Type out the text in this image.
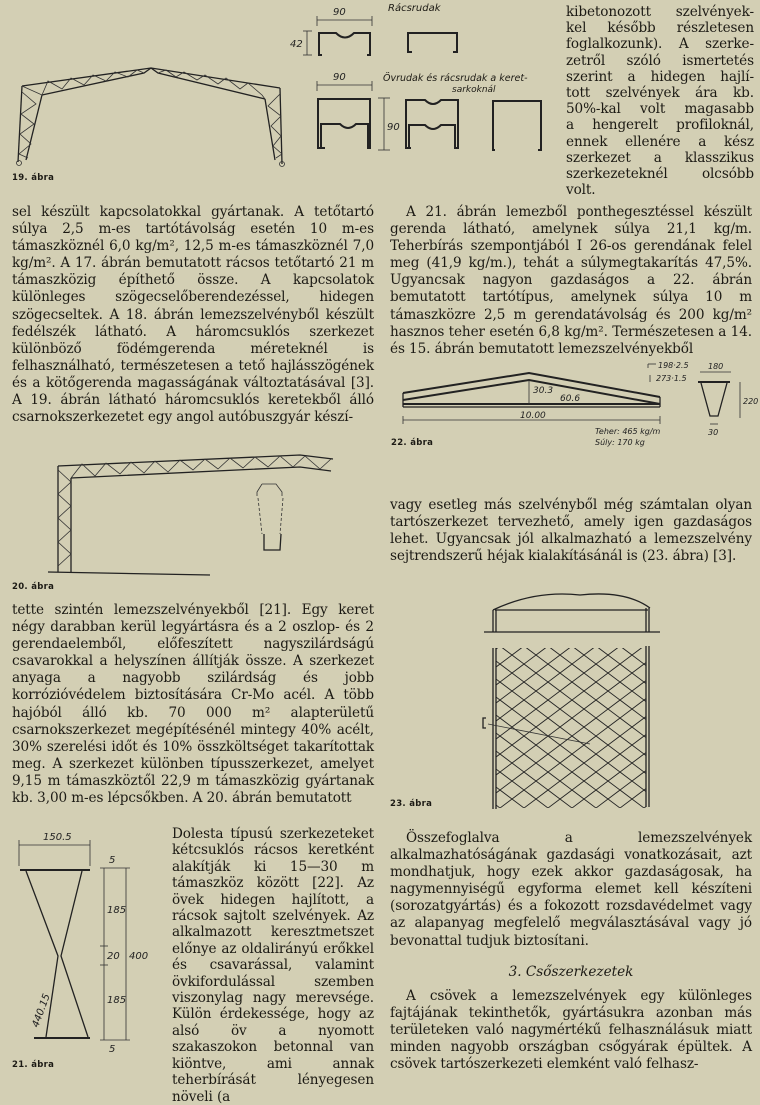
19. ábra
90
42
90
90
Rácsrudak
Övrudak és rácsrudak a keret-
sarkoknál

kibetonozott szelvények-

kel később részletesen

foglalkozunk). A szerke-

zetről szóló ismertetés

szerint a hidegen hajlí-

tott szelvények ára kb.

50%-kal volt magasabb

a hengerelt profiloknál,

ennek ellenére a kész

szerkezet a klasszikus

szerkezeteknél olcsóbb

volt.

sel készült kapcsolatokkal gyártanak. A tetőtartó súlya 2,5 m-es tartótávolság esetén 10 m-es támaszköznél 6,0 kg/m², 12,5 m-es támaszköznél 7,0 kg/m². A 17. ábrán bemutatott rácsos tetőtartó 21 m támaszközig építhető össze. A kapcsolatok különleges szögecselőberendezéssel, hidegen szögecseltek. A 18. ábrán lemezszelvényből készült fedélszék látható. A háromcsuklós szerkezet különböző födémgerenda méreteknél is felhasználható, természetesen a tető hajlásszögének és a kötőgerenda magasságának változtatásával [3]. A 19. ábrán látható háromcsuklós keretekből álló csarnokszerkezetet egy angol autóbuszgyár készí-
A 21. ábrán lemezből ponthegesztéssel készült gerenda látható, amelynek súlya 21,1 kg/m. Teherbírás szempontjából I 26-os gerendának felel meg (41,9 kg/m.), tehát a súlymegtakarítás 47,5%. Ugyancsak nagyon gazdaságos a 22. ábrán bemutatott tartótípus, amelynek súlya 10 m támaszközre 2,5 m gerendatávolság és 200 kg/m² hasznos teher esetén 6,8 kg/m². Természetesen a 14. és 15. ábrán bemutatott lemezszelvényekből
30.3
60.6
10.00
198·2.5
273·1.5
Teher: 465 kg/m
Súly: 170 kg
180
220
30
22. ábra
vagy esetleg más szelvényből még számtalan olyan tartószerkezet tervezhető, amely igen gazdaságos lehet. Ugyancsak jól alkalmazható a lemezszelvény sejtrendszerű héjak kialakításánál is (23. ábra) [3].
20. ábra
tette szintén lemezszelvényekből [21]. Egy keret négy darabban kerül legyártásra és a 2 oszlop- és 2 gerendaelemből, előfeszített nagyszilárdságú csavarokkal a helyszínen állítják össze. A szerkezet anyaga a nagyobb szilárdság és jobb korrózióvédelem biztosítására Cr-Mo acél. A több hajóból álló kb. 70 000 m² alapterületű csarnokszerkezet megépítésénél mintegy 40% acélt, 30% szerelési időt és 10% összköltséget takarítottak meg. A szerkezet különben típusszerkezet, amelyet 9,15 m támaszköztől 22,9 m támaszközig gyártanak kb. 3,00 m-es lépcsőkben. A 20. ábrán bemutatott
150.5
5
185
20 400
185
5
440.15
21. ábra
Dolesta típusú szerkezeteket kétcsuklós rácsos keretként alakítják ki 15—30 m támaszköz között [22]. Az övek hidegen hajlított, a rácsok sajtolt szelvények. Az alkalmazott keresztmetszet előnye az oldalirányú erőkkel és csavarással, valamint övkifordulással szemben viszonylag nagy merevsége. Külön érdekessége, hogy az alsó öv a nyomott szakaszokon betonnal van kiöntve, ami annak teherbírását lényegesen növeli (a
23. ábra
Összefoglalva a lemezszelvények alkalmazhatóságának gazdasági vonatkozásait, azt mondhatjuk, hogy ezek akkor gazdaságosak, ha nagymennyiségű egyforma elemet kell készíteni (sorozatgyártás) és a fokozott rozsdavédelmet vagy az alapanyag megfelelő megválasztásával vagy jó bevonattal tudjuk biztosítani.
3. Csőszerkezetek
A csövek a lemezszelvények egy különleges fajtájának tekinthetők, gyártásukra azonban más területeken való nagymértékű felhasználásuk miatt minden nagyobb országban csőgyárak épültek. A csövek tartószerkezeti elemként való felhasz-
